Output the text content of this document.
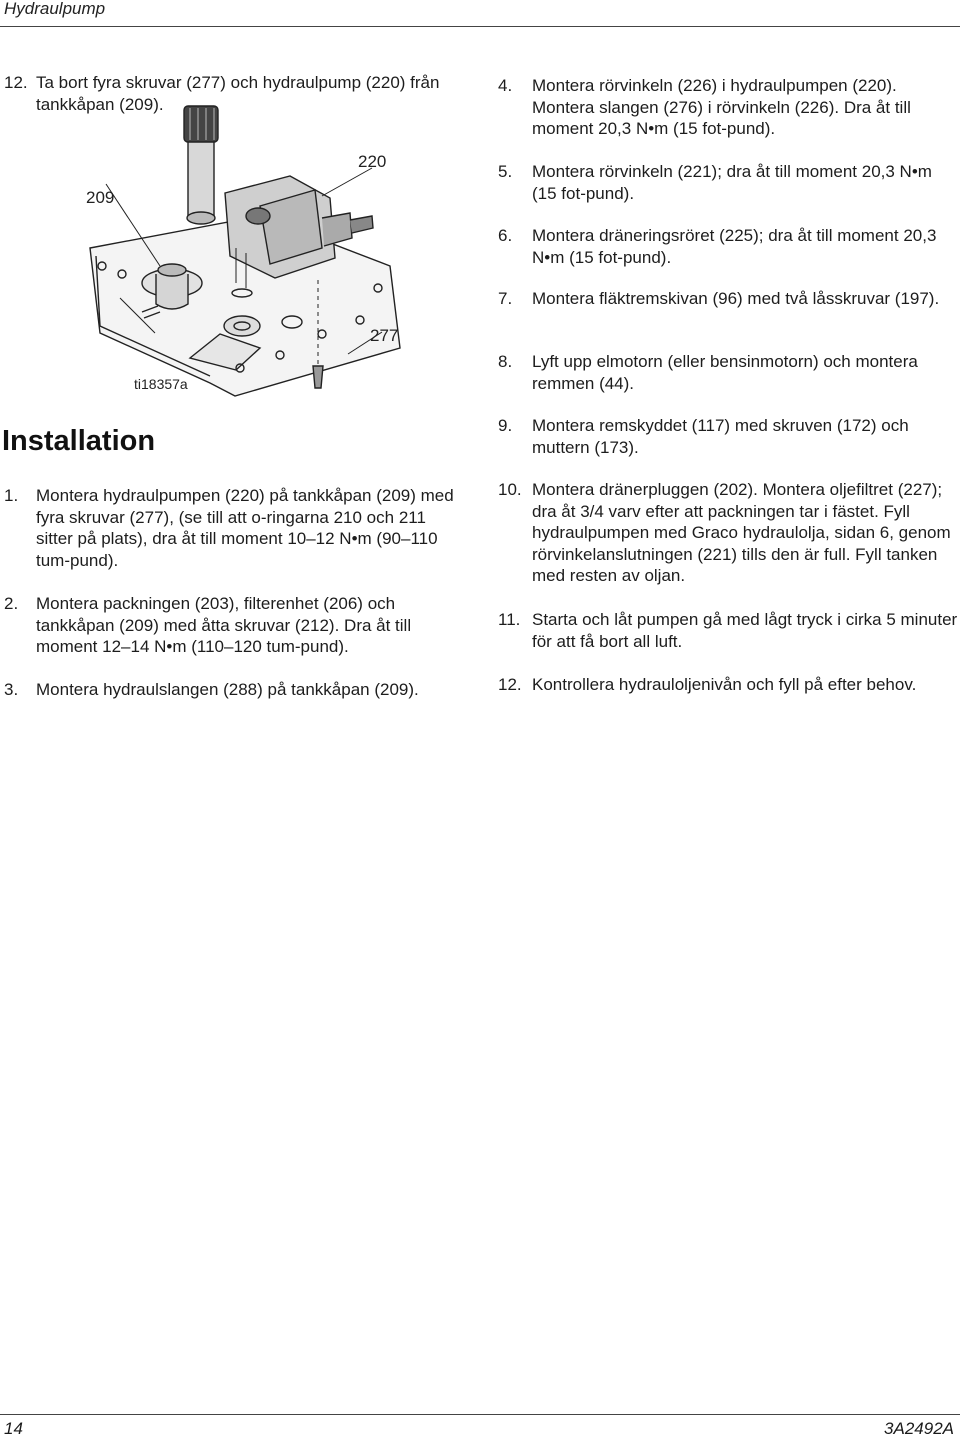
Hydraulpump
12. Ta bort fyra skruvar (277) och hydraulpump (220) från tankkåpan (209).
209
220
277
ti18357a
Installation
1. Montera hydraulpumpen (220) på tankkåpan (209) med fyra skruvar (277), (se till att o-ringarna 210 och 211 sitter på plats), dra åt till moment 10–12 N•m (90–110 tum-pund).
2. Montera packningen (203), filterenhet (206) och tankkåpan (209) med åtta skruvar (212). Dra åt till moment 12–14 N•m (110–120 tum-pund).
3. Montera hydraulslangen (288) på tankkåpan (209).
4. Montera rörvinkeln (226) i hydraulpumpen (220). Montera slangen (276) i rörvinkeln (226). Dra åt till moment 20,3 N•m (15 fot-pund).
5. Montera rörvinkeln (221); dra åt till moment 20,3 N•m (15 fot-pund).
6. Montera dräneringsröret (225); dra åt till moment 20,3 N•m (15 fot-pund).
7. Montera fläktremskivan (96) med två låsskruvar (197).
8. Lyft upp elmotorn (eller bensinmotorn) och montera remmen (44).
9. Montera remskyddet (117) med skruven (172) och muttern (173).
10. Montera dränerpluggen (202). Montera oljefiltret (227); dra åt 3/4 varv efter att packningen tar i fästet. Fyll hydraulpumpen med Graco hydraulolja, sidan 6, genom rörvinkelanslutningen (221) tills den är full. Fyll tanken med resten av oljan.
11. Starta och låt pumpen gå med lågt tryck i cirka 5 minuter för att få bort all luft.
12. Kontrollera hydrauloljenivån och fyll på efter behov.
14	3A2492A
